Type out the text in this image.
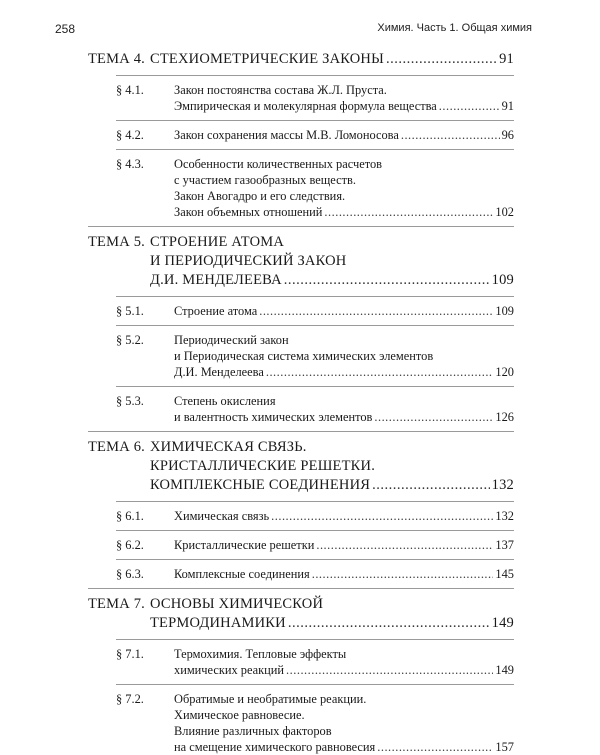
258	Химия. Часть 1. Общая химия
ТЕМА 4. СТЕХИОМЕТРИЧЕСКИЕ ЗАКОНЫ .....	91
§ 4.1. Закон постоянства состава Ж.Л. Пруста.
Эмпирическая и молекулярная формула вещества .....	91
§ 4.2. Закон сохранения массы М.В. Ломоносова .....	96
§ 4.3. Особенности количественных расчетов
с участием газообразных веществ.
Закон Авогадро и его следствия.
Закон объемных отношений .....	102
ТЕМА 5. СТРОЕНИЕ АТОМА
И ПЕРИОДИЧЕСКИЙ ЗАКОН
Д.И. МЕНДЕЛЕЕВА .....	109
§ 5.1. Строение атома .....	109
§ 5.2. Периодический закон
и Периодическая система химических элементов
Д.И. Менделеева .....	120
§ 5.3. Степень окисления
и валентность химических элементов .....	126
ТЕМА 6. ХИМИЧЕСКАЯ СВЯЗЬ.
КРИСТАЛЛИЧЕСКИЕ РЕШЕТКИ.
КОМПЛЕКСНЫЕ СОЕДИНЕНИЯ .....	132
§ 6.1. Химическая связь .....	132
§ 6.2. Кристаллические решетки .....	137
§ 6.3. Комплексные соединения .....	145
ТЕМА 7. ОСНОВЫ ХИМИЧЕСКОЙ
ТЕРМОДИНАМИКИ .....	149
§ 7.1. Термохимия. Тепловые эффекты
химических реакций .....	149
§ 7.2. Обратимые и необратимые реакции.
Химическое равновесие.
Влияние различных факторов
на смещение химического равновесия .....	157
